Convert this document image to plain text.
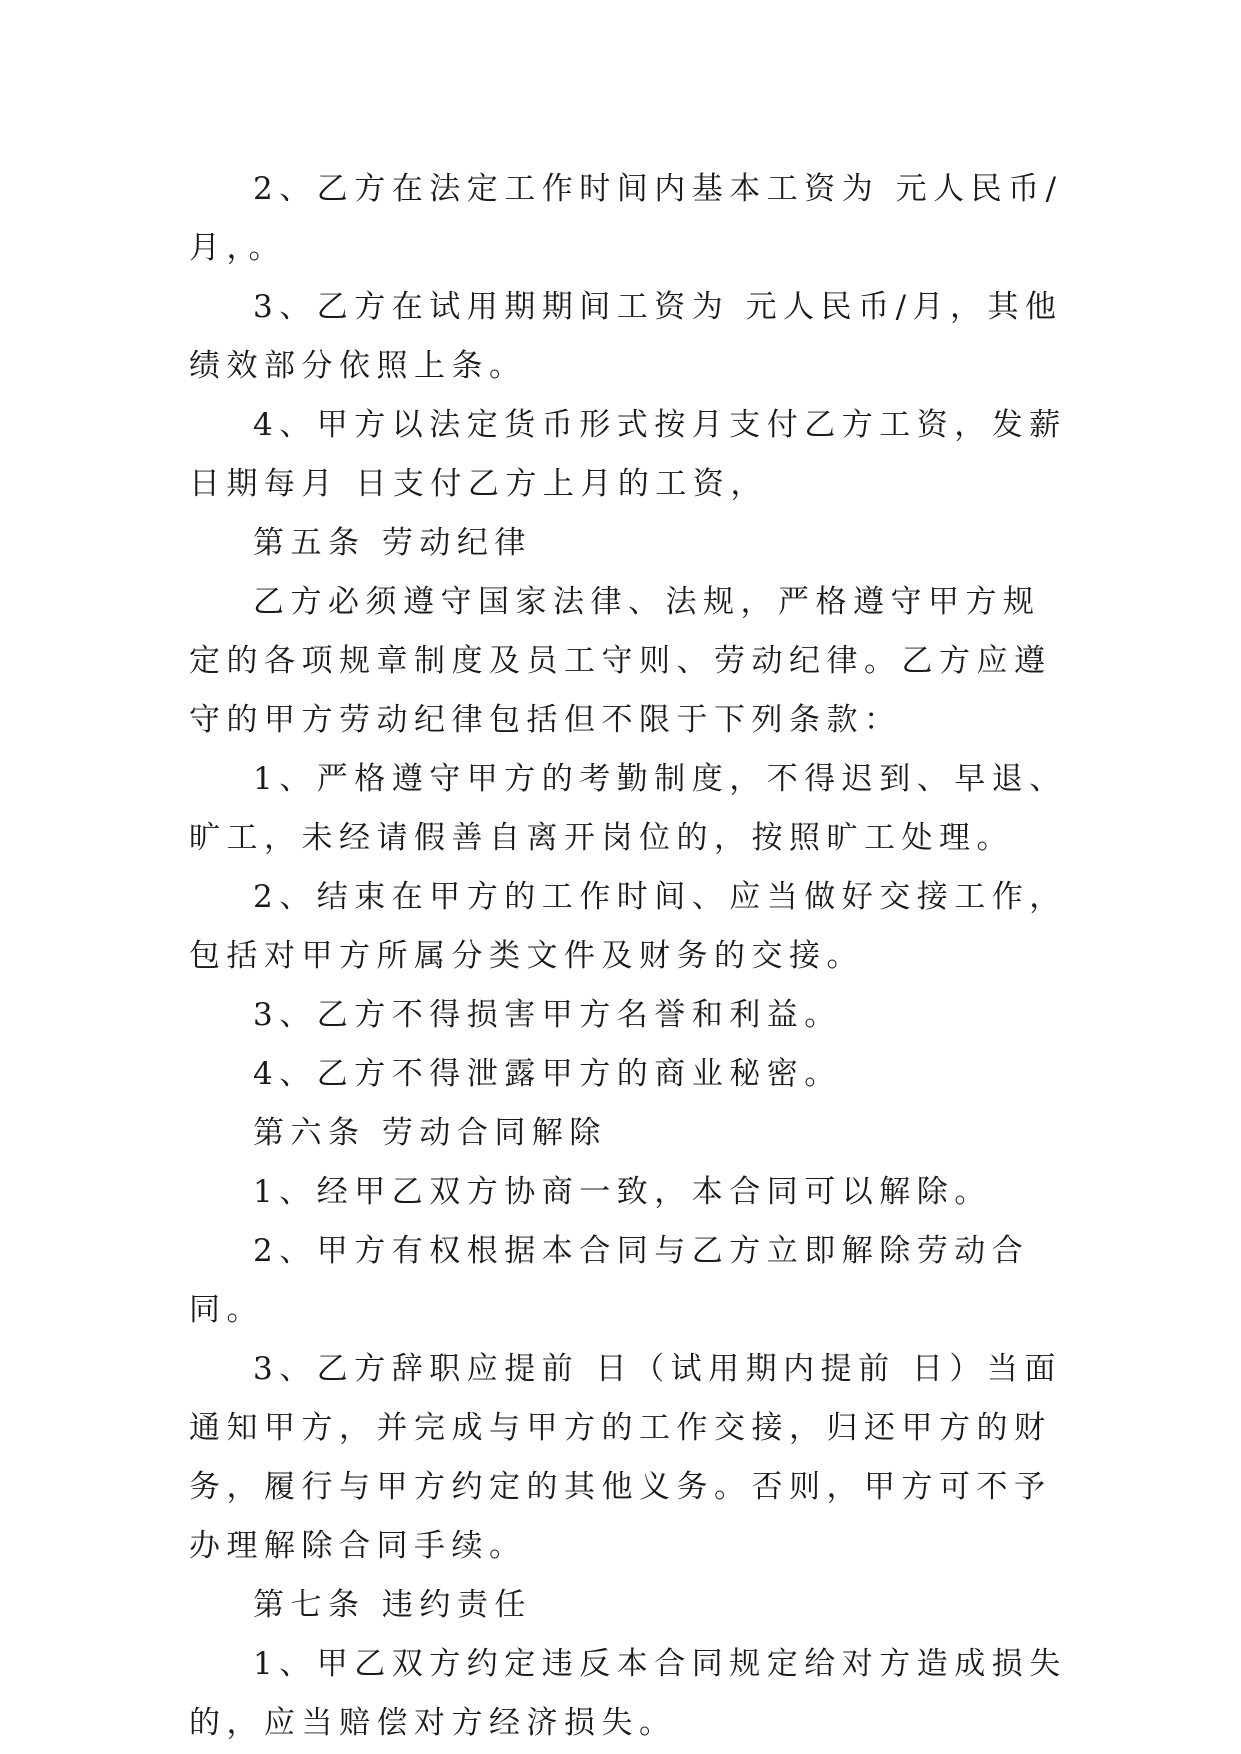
2、乙方在法定工作时间内基本工资为 元人民币/月，。

3、乙方在试用期期间工资为 元人民币/月，其他绩效部分依照上条。

4、甲方以法定货币形式按月支付乙方工资，发薪日期每月 日支付乙方上月的工资，

第五条 劳动纪律

乙方必须遵守国家法律、法规，严格遵守甲方规定的各项规章制度及员工守则、劳动纪律。乙方应遵守的甲方劳动纪律包括但不限于下列条款：

1、严格遵守甲方的考勤制度，不得迟到、早退、旷工，未经请假善自离开岗位的，按照旷工处理。

2、结束在甲方的工作时间、应当做好交接工作，包括对甲方所属分类文件及财务的交接。

3、乙方不得损害甲方名誉和利益。

4、乙方不得泄露甲方的商业秘密。

第六条 劳动合同解除

1、经甲乙双方协商一致，本合同可以解除。

2、甲方有权根据本合同与乙方立即解除劳动合同。

3、乙方辞职应提前 日（试用期内提前 日）当面通知甲方，并完成与甲方的工作交接，归还甲方的财务，履行与甲方约定的其他义务。否则，甲方可不予办理解除合同手续。

第七条 违约责任

1、甲乙双方约定违反本合同规定给对方造成损失的，应当赔偿对方经济损失。
